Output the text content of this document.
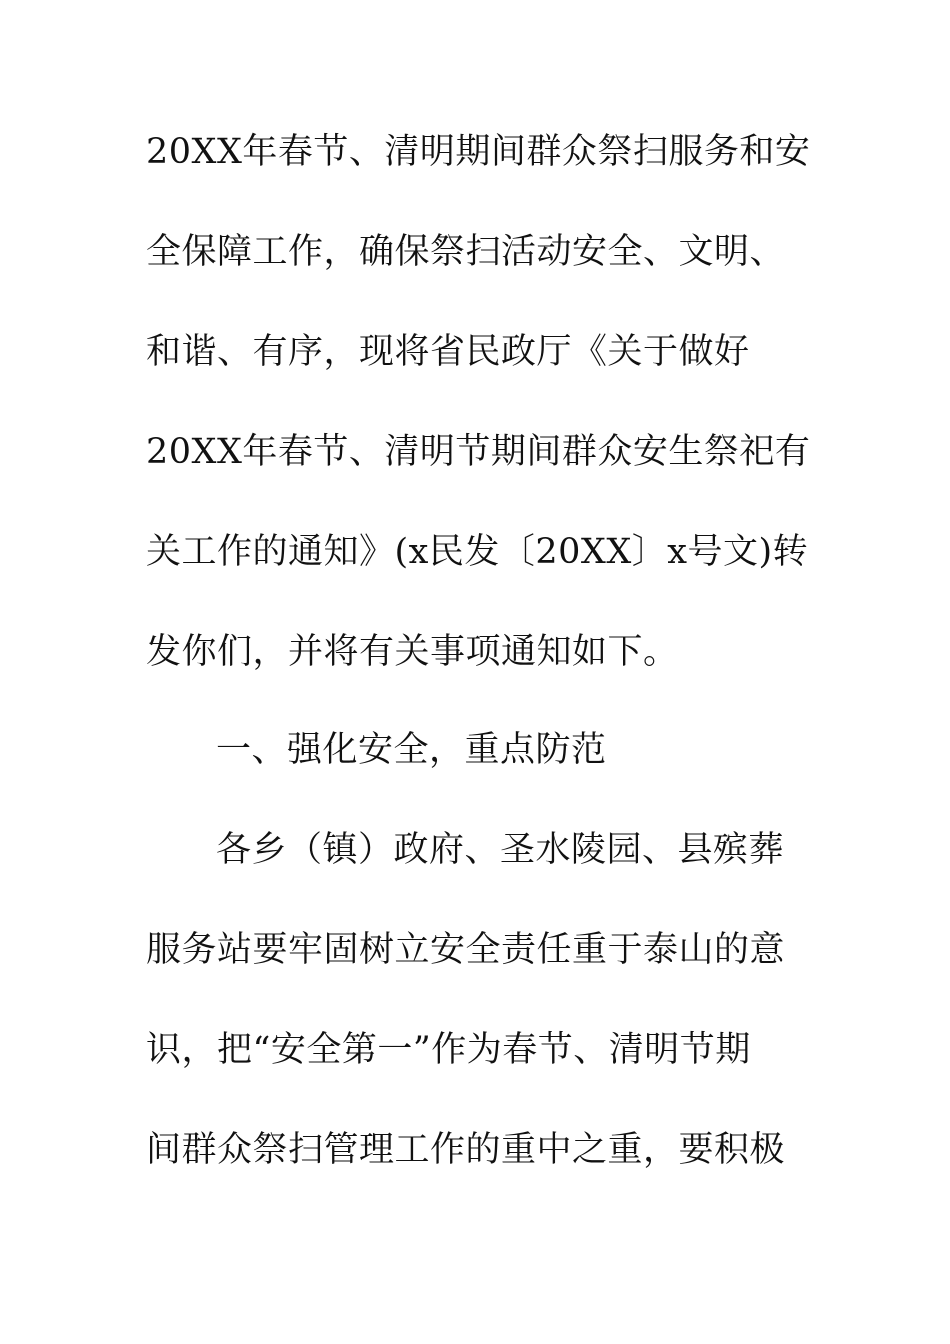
20XX年春节、清明期间群众祭扫服务和安
全保障工作，确保祭扫活动安全、文明、
和谐、有序，现将省民政厅《关于做好
20XX年春节、清明节期间群众安生祭祀有
关工作的通知》(x民发〔20XX〕x号文)转
发你们，并将有关事项通知如下。
一、强化安全，重点防范
各乡（镇）政府、圣水陵园、县殡葬
服务站要牢固树立安全责任重于泰山的意
识，把“安全第一”作为春节、清明节期
间群众祭扫管理工作的重中之重，要积极
